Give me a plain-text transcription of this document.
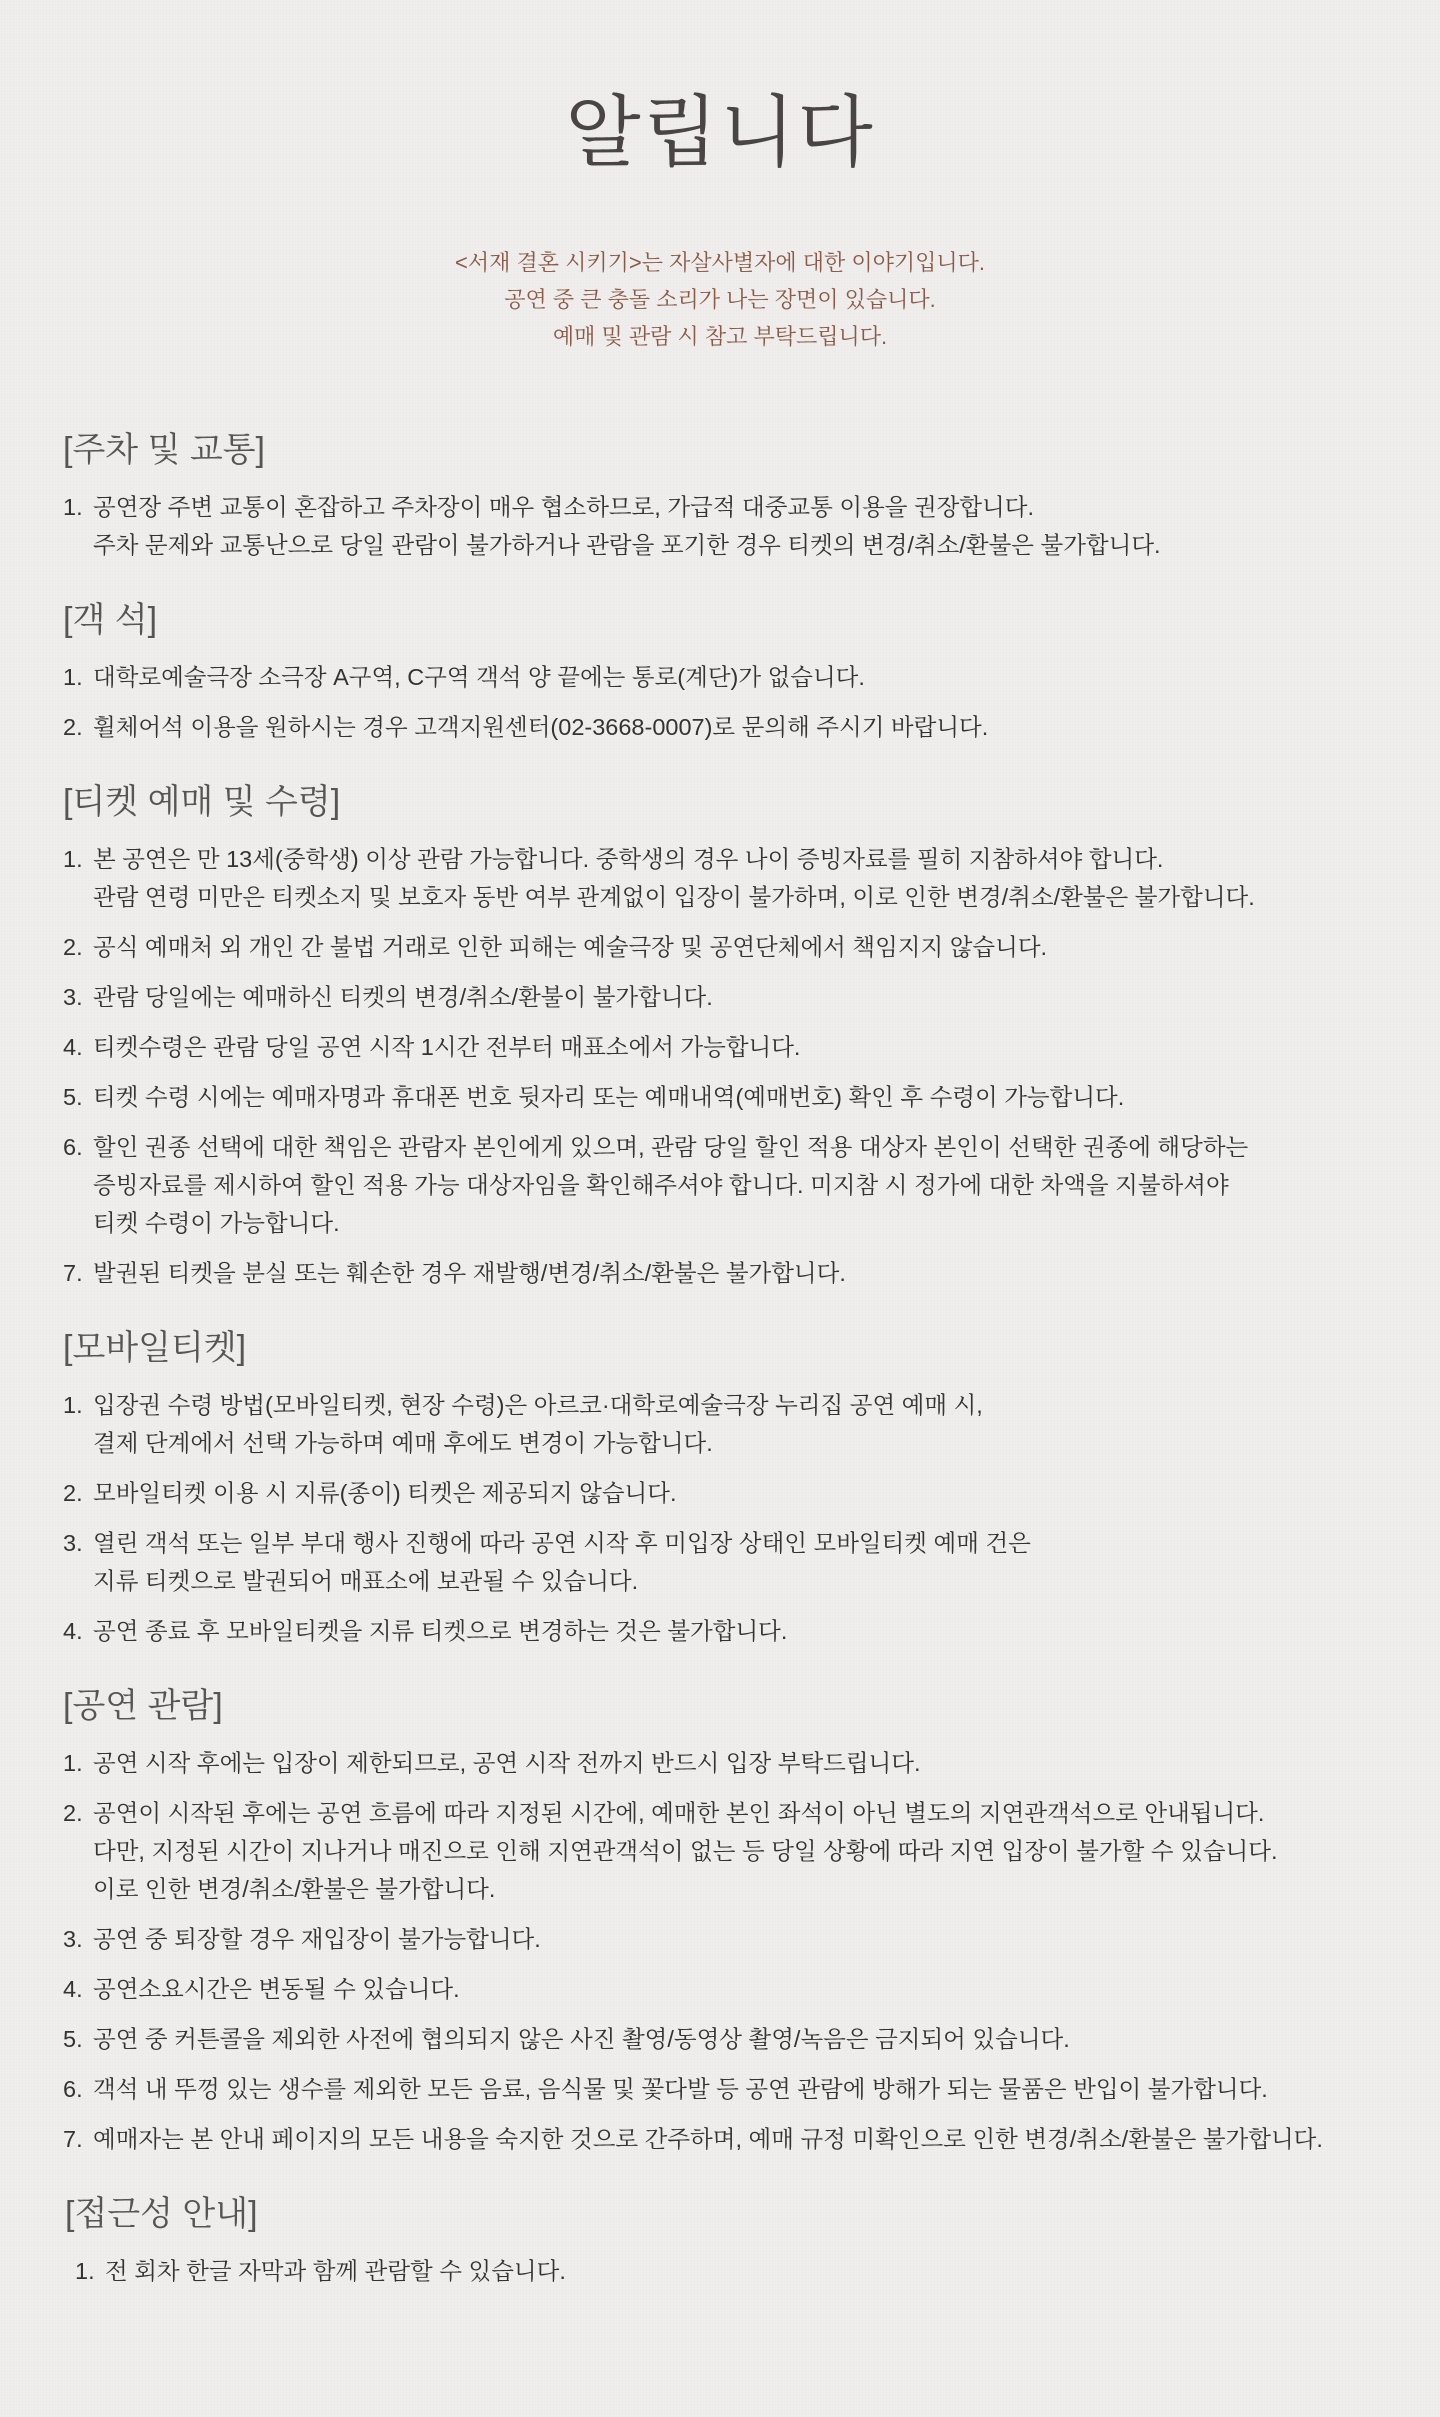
알립니다
<서재 결혼 시키기>는 자살사별자에 대한 이야기입니다.
공연 중 큰 충돌 소리가 나는 장면이 있습니다.
예매 및 관람 시 참고 부탁드립니다.
[주차 및 교통]
1. 공연장 주변 교통이 혼잡하고 주차장이 매우 협소하므로, 가급적 대중교통 이용을 권장합니다.
주차 문제와 교통난으로 당일 관람이 불가하거나 관람을 포기한 경우 티켓의 변경/취소/환불은 불가합니다.
[객 석]
1. 대학로예술극장 소극장 A구역, C구역 객석 양 끝에는 통로(계단)가 없습니다.
2. 휠체어석 이용을 원하시는 경우 고객지원센터(02-3668-0007)로 문의해 주시기 바랍니다.
[티켓 예매 및 수령]
1. 본 공연은 만 13세(중학생) 이상 관람 가능합니다. 중학생의 경우 나이 증빙자료를 필히 지참하셔야 합니다.
관람 연령 미만은 티켓소지 및 보호자 동반 여부 관계없이 입장이 불가하며, 이로 인한 변경/취소/환불은 불가합니다.
2. 공식 예매처 외 개인 간 불법 거래로 인한 피해는 예술극장 및 공연단체에서 책임지지 않습니다.
3. 관람 당일에는 예매하신 티켓의 변경/취소/환불이 불가합니다.
4. 티켓수령은 관람 당일 공연 시작 1시간 전부터 매표소에서 가능합니다.
5. 티켓 수령 시에는 예매자명과 휴대폰 번호 뒷자리 또는 예매내역(예매번호) 확인 후 수령이 가능합니다.
6. 할인 권종 선택에 대한 책임은 관람자 본인에게 있으며, 관람 당일 할인 적용 대상자 본인이 선택한 권종에 해당하는
증빙자료를 제시하여 할인 적용 가능 대상자임을 확인해주셔야 합니다. 미지참 시 정가에 대한 차액을 지불하셔야
티켓 수령이 가능합니다.
7. 발권된 티켓을 분실 또는 훼손한 경우 재발행/변경/취소/환불은 불가합니다.
[모바일티켓]
1. 입장권 수령 방법(모바일티켓, 현장 수령)은 아르코·대학로예술극장 누리집 공연 예매 시,
결제 단계에서 선택 가능하며 예매 후에도 변경이 가능합니다.
2. 모바일티켓 이용 시 지류(종이) 티켓은 제공되지 않습니다.
3. 열린 객석 또는 일부 부대 행사 진행에 따라 공연 시작 후 미입장 상태인 모바일티켓 예매 건은
지류 티켓으로 발권되어 매표소에 보관될 수 있습니다.
4. 공연 종료 후 모바일티켓을 지류 티켓으로 변경하는 것은 불가합니다.
[공연 관람]
1. 공연 시작 후에는 입장이 제한되므로, 공연 시작 전까지 반드시 입장 부탁드립니다.
2. 공연이 시작된 후에는 공연 흐름에 따라 지정된 시간에, 예매한 본인 좌석이 아닌 별도의 지연관객석으로 안내됩니다.
다만, 지정된 시간이 지나거나 매진으로 인해 지연관객석이 없는 등 당일 상황에 따라 지연 입장이 불가할 수 있습니다.
이로 인한 변경/취소/환불은 불가합니다.
3. 공연 중 퇴장할 경우 재입장이 불가능합니다.
4. 공연소요시간은 변동될 수 있습니다.
5. 공연 중 커튼콜을 제외한 사전에 협의되지 않은 사진 촬영/동영상 촬영/녹음은 금지되어 있습니다.
6. 객석 내 뚜껑 있는 생수를 제외한 모든 음료, 음식물 및 꽃다발 등 공연 관람에 방해가 되는 물품은 반입이 불가합니다.
7. 예매자는 본 안내 페이지의 모든 내용을 숙지한 것으로 간주하며, 예매 규정 미확인으로 인한 변경/취소/환불은 불가합니다.
[접근성 안내]
1. 전 회차 한글 자막과 함께 관람할 수 있습니다.
